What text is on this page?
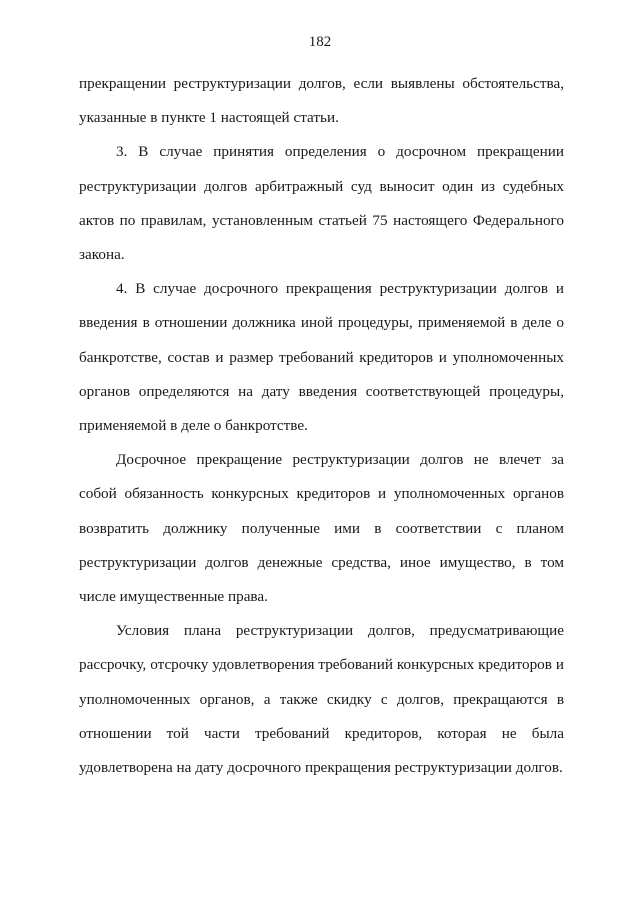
182

прекращении реструктуризации долгов, если выявлены обстоятельства, указанные в пункте 1 настоящей статьи.

3. В случае принятия определения о досрочном прекращении реструктуризации долгов арбитражный суд выносит один из судебных актов по правилам, установленным статьей 75 настоящего Федерального закона.

4. В случае досрочного прекращения реструктуризации долгов и введения в отношении должника иной процедуры, применяемой в деле о банкротстве, состав и размер требований кредиторов и уполномоченных органов определяются на дату введения соответствующей процедуры, применяемой в деле о банкротстве.

Досрочное прекращение реструктуризации долгов не влечет за собой обязанность конкурсных кредиторов и уполномоченных органов возвратить должнику полученные ими в соответствии с планом реструктуризации долгов денежные средства, иное имущество, в том числе имущественные права.

Условия плана реструктуризации долгов, предусматривающие рассрочку, отсрочку удовлетворения требований конкурсных кредиторов и уполномоченных органов, а также скидку с долгов, прекращаются в отношении той части требований кредиторов, которая не была удовлетворена на дату досрочного прекращения реструктуризации долгов.
